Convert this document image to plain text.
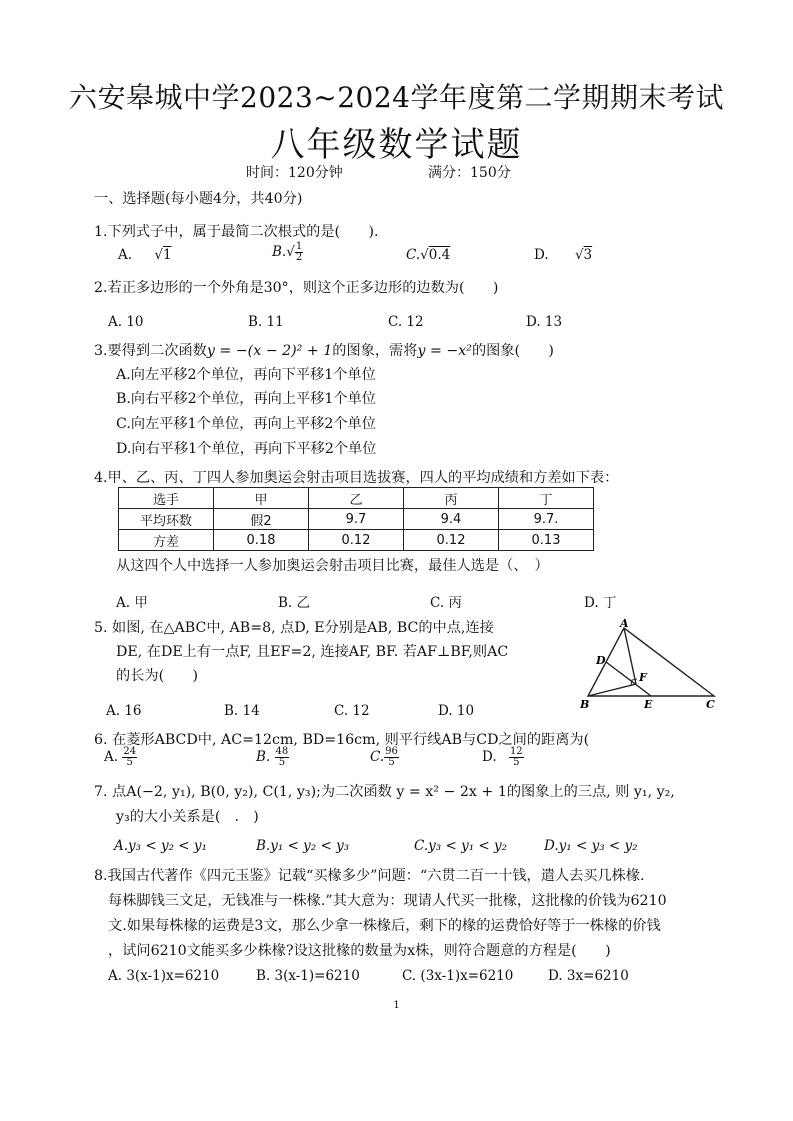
六安皋城中学2023~2024学年度第二学期期末考试
八年级数学试题
时间：120分钟	满分：150分
一、选择题(每小题4分，共40分)
1.下列式子中，属于最简二次根式的是(　　).
A. √1	$B.√ \frac{1}{2}$	C.√0.4	D. √3
2.若正多边形的一个外角是30°，则这个正多边形的边数为(　　)
A. 10	B. 11	C. 12	D. 13
3.要得到二次函数y = −(x − 2)² + 1的图象，需将y = −x²的图象(　　)
A.向左平移2个单位，再向下平移1个单位
B.向右平移2个单位，再向上平移1个单位
C.向左平移1个单位，再向上平移2个单位
D.向右平移1个单位，再向下平移2个单位
4.甲、乙、丙、丁四人参加奥运会射击项目选拔赛，四人的平均成绩和方差如下表：
选手	甲	乙	丙	丁
平均环数	假2	9.7	9.4	9.7.
方差	0.18	0.12	0.12	0.13
从这四个人中选择一人参加奥运会射击项目比赛，最佳人选是（、　）
A. 甲	B. 乙	C. 丙	D. 丁
5. 如图, 在△ABC中, AB=8, 点D, E分别是AB, BC的中点,连接
DE, 在DE上有一点F, 且EF=2, 连接AF, BF. 若AF⊥BF,则AC
的长为(　　)
A. 16	B. 14	C. 12	D. 10
A
B	C
D
E
F
6. 在菱形ABCD中, AC=12cm, BD=16cm, 则平行线AB与CD之间的距离为(
A. $\frac{24}{5}$	B. $\frac{48}{5}$	C. $\frac{96}{5}$	D. $\frac{12}{5}$
7. 点A(−2, y₁), B(0, y₂), C(1, y₃);为二次函数 y = x² − 2x + 1的图象上的三点, 则 y₁, y₂,
y₃的大小关系是(　.　)
A.y₃ < y₂ < y₁	B.y₁ < y₂ < y₃	C.y₃ < y₁ < y₂	D.y₁ < y₃ < y₂
8.我国古代著作《四元玉鉴》记载“买椽多少”问题：“六贯二百一十钱，遣人去买几株椽.
每株脚钱三文足，无钱准与一株椽.”其大意为：现请人代买一批椽，这批椽的价钱为6210
文.如果每株椽的运费是3文，那么少拿一株椽后，剩下的椽的运费恰好等于一株椽的价钱
，试问6210文能买多少株椽?设这批椽的数量为x株，则符合题意的方程是(　　)
A. 3(x-1)x=6210	B. 3(x-1)=6210	C. (3x-1)x=6210	D. 3x=6210
1
